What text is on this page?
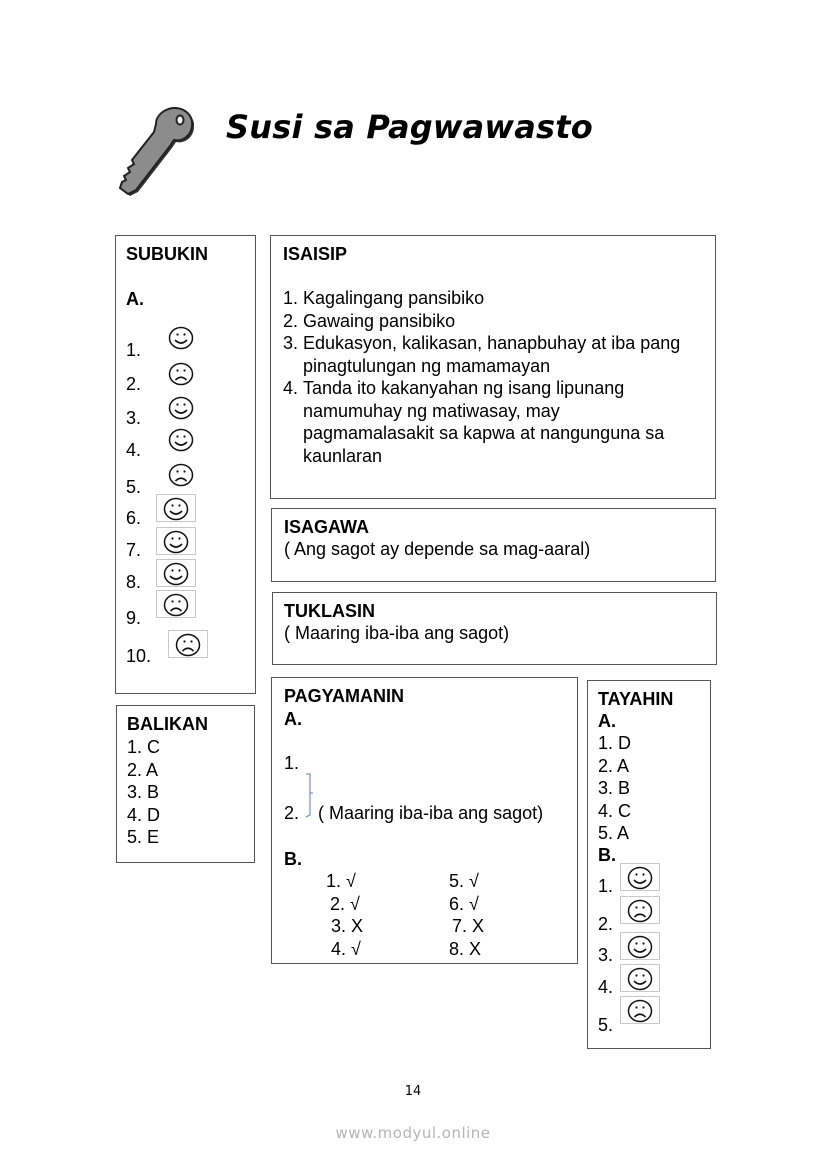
Susi sa Pagwawasto
SUBUKIN
A.
1.
2.
3.
4.
5.
6.
7.
8.
9.
10.
BALIKAN
1. C
2. A
3. B
4. D
5. E
ISAISIP
1. Kagalingang pansibiko
2. Gawaing pansibiko
3. Edukasyon, kalikasan, hanapbuhay at iba pang pinagtulungan ng mamamayan
4. Tanda ito kakanyahan ng isang lipunang namumuhay ng matiwasay, may pagmamalasakit sa kapwa at nangunguna sa kaunlaran
ISAGAWA
( Ang sagot ay depende sa mag-aaral)
TUKLASIN
( Maaring iba-iba ang sagot)
PAGYAMANIN
A.
1.
2. ( Maaring iba-iba ang sagot)
B.
1. √
2. √
3. X
4. √
5. √
6. √
7. X
8. X
TAYAHIN
A.
1. D
2. A
3. B
4. C
5. A
B.
1.
2.
3.
4.
5.
14
www.modyul.online
